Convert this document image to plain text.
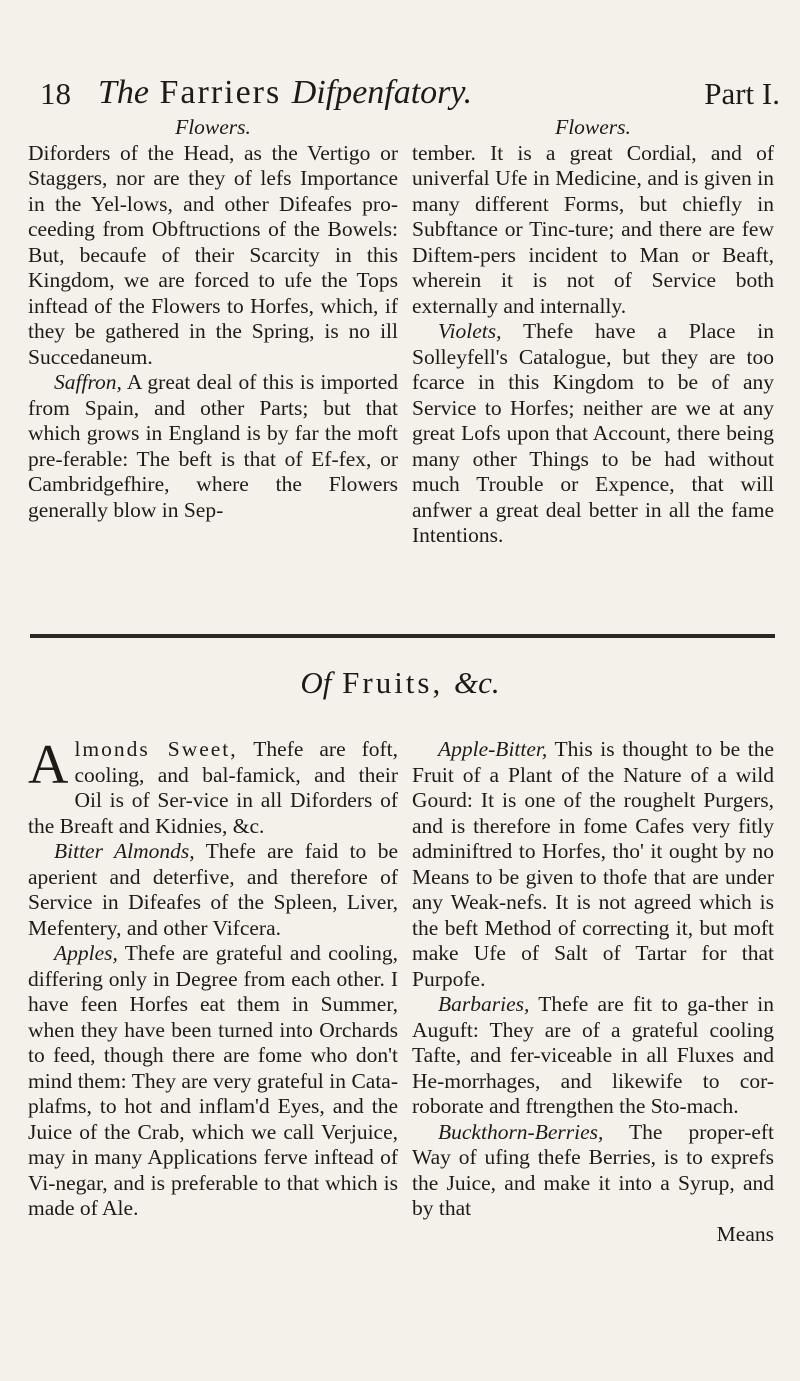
18 The Farriers Difpenfatory.	Part I.

Flowers.

Diforders of the Head, as the Vertigo or Staggers, nor are they of lefs Importance in the Yel-lows, and other Difeafes pro-ceeding from Obftructions of the Bowels: But, becaufe of their Scarcity in this Kingdom, we are forced to ufe the Tops inftead of the Flowers to Horfes, which, if they be gathered in the Spring, is no ill Succedaneum.

Saffron, A great deal of this is imported from Spain, and other Parts; but that which grows in England is by far the moft pre-ferable: The beft is that of Ef-fex, or Cambridgefhire, where the Flowers generally blow in Sep-

Flowers.

tember. It is a great Cordial, and of univerfal Ufe in Medicine, and is given in many different Forms, but chiefly in Subftance or Tinc-ture; and there are few Diftem-pers incident to Man or Beaft, wherein it is not of Service both externally and internally.

Violets, Thefe have a Place in Solleyfell's Catalogue, but they are too fcarce in this Kingdom to be of any Service to Horfes; neither are we at any great Lofs upon that Account, there being many other Things to be had without much Trouble or Expence, that will anfwer a great deal better in all the fame Intentions.

Of Fruits, &c.

Almonds Sweet, Thefe are foft, cooling, and bal-famick, and their Oil is of Ser-vice in all Diforders of the Breaft and Kidnies, &c.

Bitter Almonds, Thefe are faid to be aperient and deterfive, and therefore of Service in Difeafes of the Spleen, Liver, Mefentery, and other Vifcera.

Apples, Thefe are grateful and cooling, differing only in Degree from each other. I have feen Horfes eat them in Summer, when they have been turned into Orchards to feed, though there are fome who don't mind them: They are very grateful in Cata-plafms, to hot and inflam'd Eyes, and the Juice of the Crab, which we call Verjuice, may in many Applications ferve inftead of Vi-negar, and is preferable to that which is made of Ale.

Apple-Bitter, This is thought to be the Fruit of a Plant of the Nature of a wild Gourd: It is one of the roughelt Purgers, and is therefore in fome Cafes very fitly adminiftred to Horfes, tho' it ought by no Means to be given to thofe that are under any Weak-nefs. It is not agreed which is the beft Method of correcting it, but moft make Ufe of Salt of Tartar for that Purpofe.

Barbaries, Thefe are fit to ga-ther in Auguft: They are of a grateful cooling Tafte, and fer-viceable in all Fluxes and He-morrhages, and likewife to cor-roborate and ftrengthen the Sto-mach.

Buckthorn-Berries, The proper-eft Way of ufing thefe Berries, is to exprefs the Juice, and make it into a Syrup, and by that

Means
